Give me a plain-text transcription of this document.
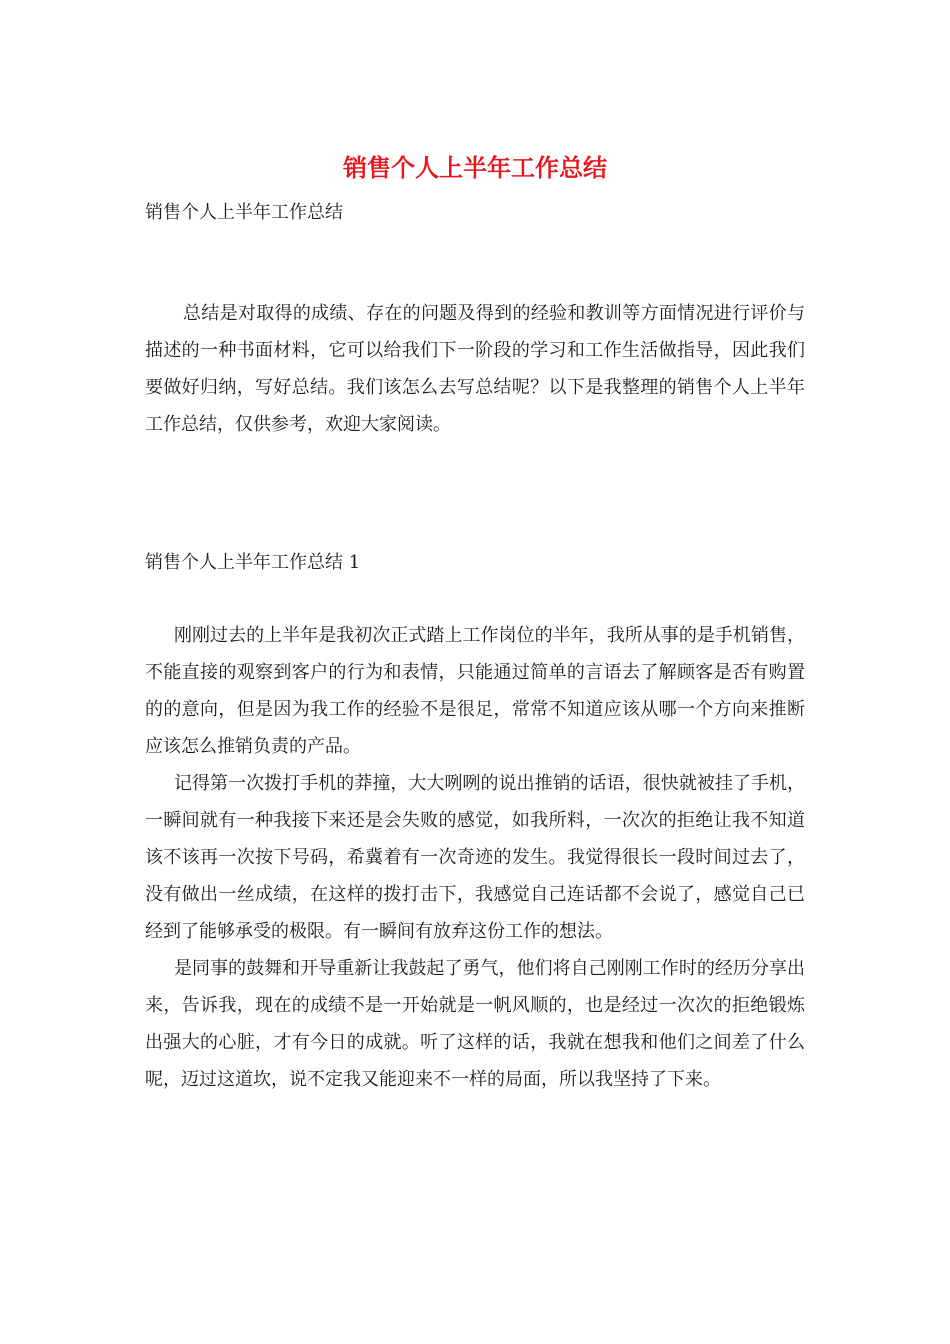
销售个人上半年工作总结

销售个人上半年工作总结

总结是对取得的成绩、存在的问题及得到的经验和教训等方面情况进行评价与描述的一种书面材料，它可以给我们下一阶段的学习和工作生活做指导，因此我们要做好归纳，写好总结。我们该怎么去写总结呢？以下是我整理的销售个人上半年工作总结，仅供参考，欢迎大家阅读。

销售个人上半年工作总结 1

刚刚过去的上半年是我初次正式踏上工作岗位的半年，我所从事的是手机销售，不能直接的观察到客户的行为和表情，只能通过简单的言语去了解顾客是否有购置的的意向，但是因为我工作的经验不是很足，常常不知道应该从哪一个方向来推断应该怎么推销负责的产品。

记得第一次拨打手机的莽撞，大大咧咧的说出推销的话语，很快就被挂了手机，一瞬间就有一种我接下来还是会失败的感觉，如我所料，一次次的拒绝让我不知道该不该再一次按下号码，希冀着有一次奇迹的发生。我觉得很长一段时间过去了，没有做出一丝成绩，在这样的拨打击下，我感觉自己连话都不会说了，感觉自己已经到了能够承受的极限。有一瞬间有放弃这份工作的想法。

是同事的鼓舞和开导重新让我鼓起了勇气，他们将自己刚刚工作时的经历分享出来，告诉我，现在的成绩不是一开始就是一帆风顺的，也是经过一次次的拒绝锻炼出强大的心脏，才有今日的成就。听了这样的话，我就在想我和他们之间差了什么呢，迈过这道坎，说不定我又能迎来不一样的局面，所以我坚持了下来。
